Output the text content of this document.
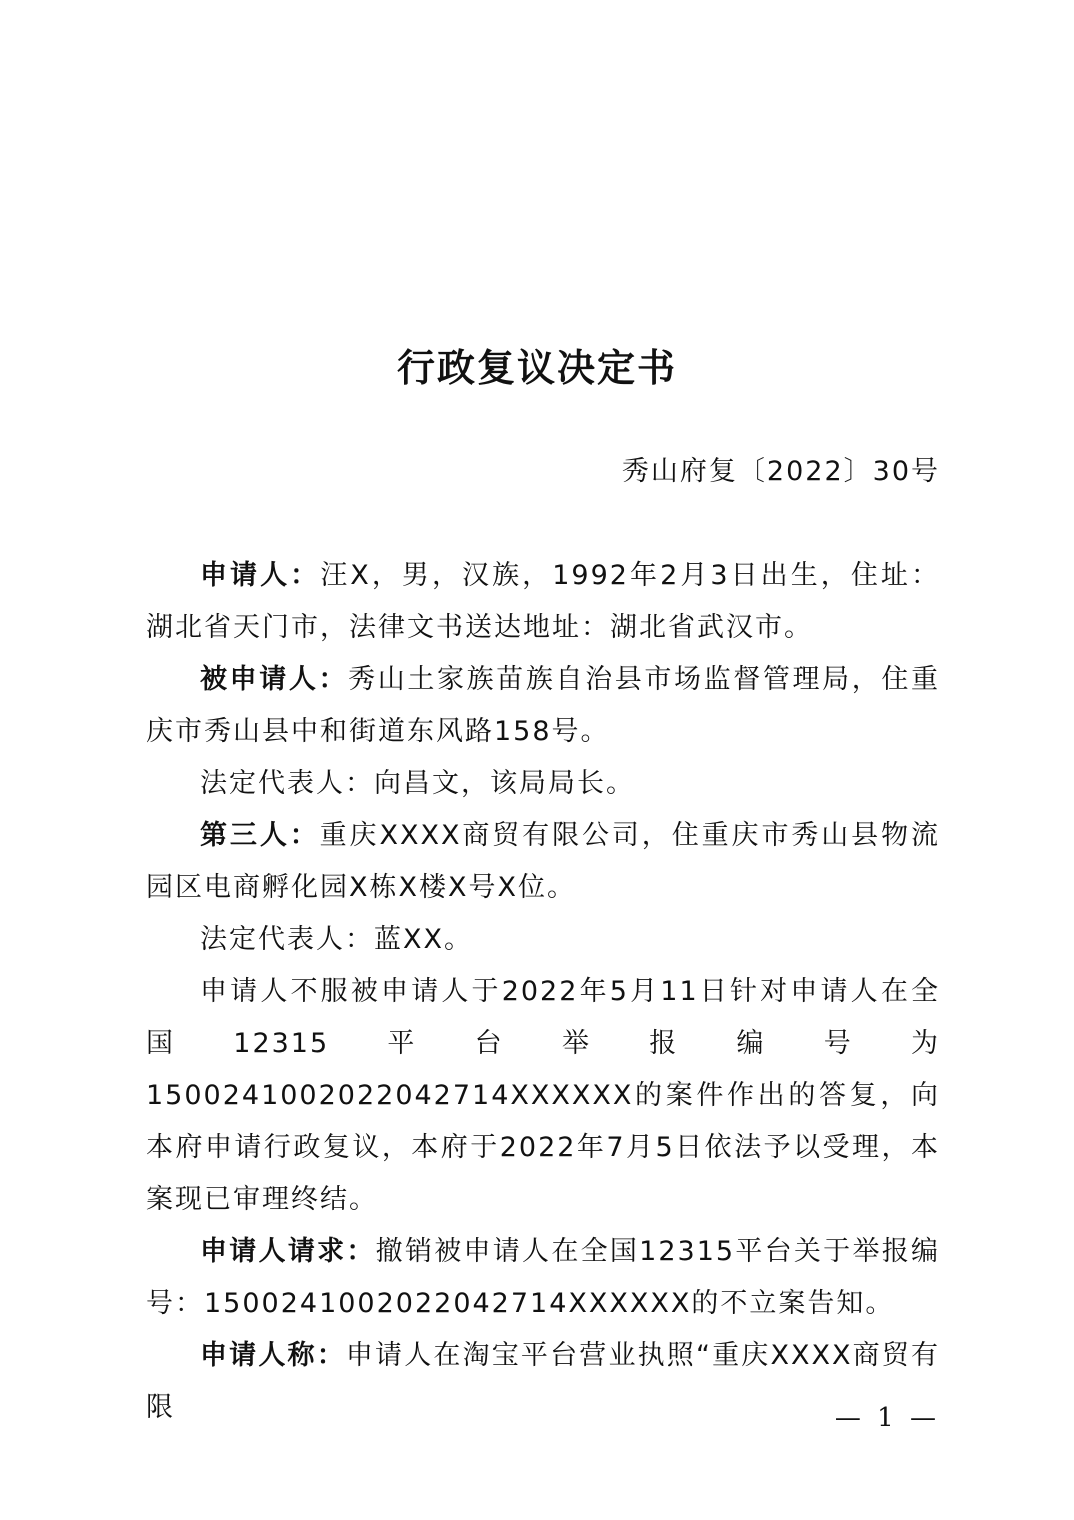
行政复议决定书
秀山府复〔2022〕30号

申请人：汪X，男，汉族，1992年2月3日出生，住址：湖北省天门市，法律文书送达地址：湖北省武汉市。

被申请人：秀山土家族苗族自治县市场监督管理局，住重庆市秀山县中和街道东风路158号。

法定代表人：向昌文，该局局长。

第三人：重庆XXXX商贸有限公司，住重庆市秀山县物流园区电商孵化园X栋X楼X号X位。

法定代表人：蓝XX。

申请人不服被申请人于2022年5月11日针对申请人在全国12315平台举报编号为1500241002022042714XXXXXX的案件作出的答复，向本府申请行政复议，本府于2022年7月5日依法予以受理，本案现已审理终结。

申请人请求：撤销被申请人在全国12315平台关于举报编号：1500241002022042714XXXXXX的不立案告知。

申请人称：申请人在淘宝平台营业执照“重庆XXXX商贸有限	— 1 —
